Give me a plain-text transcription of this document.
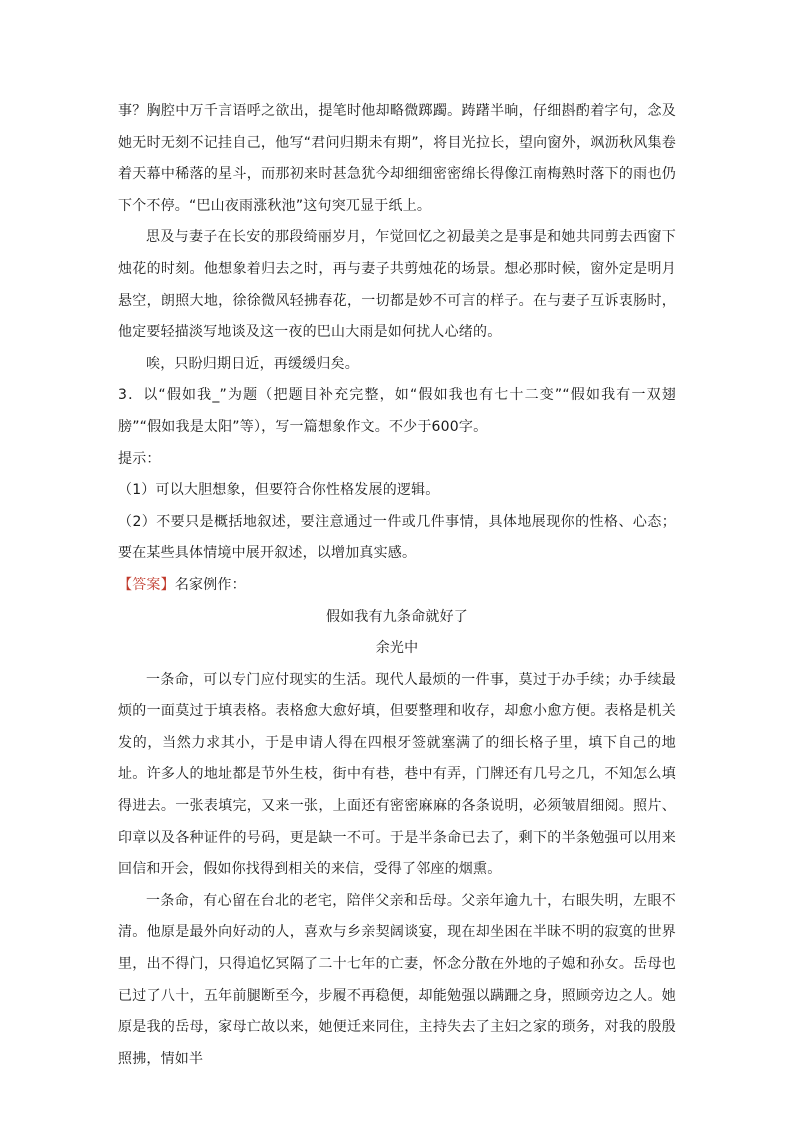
事？胸腔中万千言语呼之欲出，提笔时他却略微踯躅。踌躇半晌，仔细斟酌着字句，念及她无时无刻不记挂自己，他写“君问归期未有期”，将目光拉长，望向窗外，飒沥秋风集卷着天幕中稀落的星斗，而那初来时甚急犹今却细细密密绵长得像江南梅熟时落下的雨也仍下个不停。“巴山夜雨涨秋池”这句突兀显于纸上。

思及与妻子在长安的那段绮丽岁月，乍觉回忆之初最美之是事是和她共同剪去西窗下烛花的时刻。他想象着归去之时，再与妻子共剪烛花的场景。想必那时候，窗外定是明月悬空，朗照大地，徐徐微风轻拂春花，一切都是妙不可言的样子。在与妻子互诉衷肠时，他定要轻描淡写地谈及这一夜的巴山大雨是如何扰人心绪的。

唉，只盼归期日近，再缓缓归矣。

3．以“假如我_”为题（把题目补充完整，如“假如我也有七十二变”“假如我有一双翅膀”“假如我是太阳”等），写一篇想象作文。不少于600字。

提示：

（1）可以大胆想象，但要符合你性格发展的逻辑。

（2）不要只是概括地叙述，要注意通过一件或几件事情，具体地展现你的性格、心态；要在某些具体情境中展开叙述，以增加真实感。

【答案】名家例作：

假如我有九条命就好了

余光中

一条命，可以专门应付现实的生活。现代人最烦的一件事，莫过于办手续；办手续最烦的一面莫过于填表格。表格愈大愈好填，但要整理和收存，却愈小愈方便。表格是机关发的，当然力求其小，于是申请人得在四根牙签就塞满了的细长格子里，填下自己的地址。许多人的地址都是节外生枝，街中有巷，巷中有弄，门牌还有几号之几，不知怎么填得进去。一张表填完，又来一张，上面还有密密麻麻的各条说明，必须皱眉细阅。照片、印章以及各种证件的号码，更是缺一不可。于是半条命已去了，剩下的半条勉强可以用来回信和开会，假如你找得到相关的来信，受得了邻座的烟熏。

一条命，有心留在台北的老宅，陪伴父亲和岳母。父亲年逾九十，右眼失明，左眼不清。他原是最外向好动的人，喜欢与乡亲契阔谈宴，现在却坐困在半昧不明的寂寞的世界里，出不得门，只得追忆冥隔了二十七年的亡妻，怀念分散在外地的子媳和孙女。岳母也已过了八十，五年前腿断至今，步履不再稳便，却能勉强以蹒跚之身，照顾旁边之人。她原是我的岳母，家母亡故以来，她便迁来同住，主持失去了主妇之家的琐务，对我的殷殷照拂，情如半
